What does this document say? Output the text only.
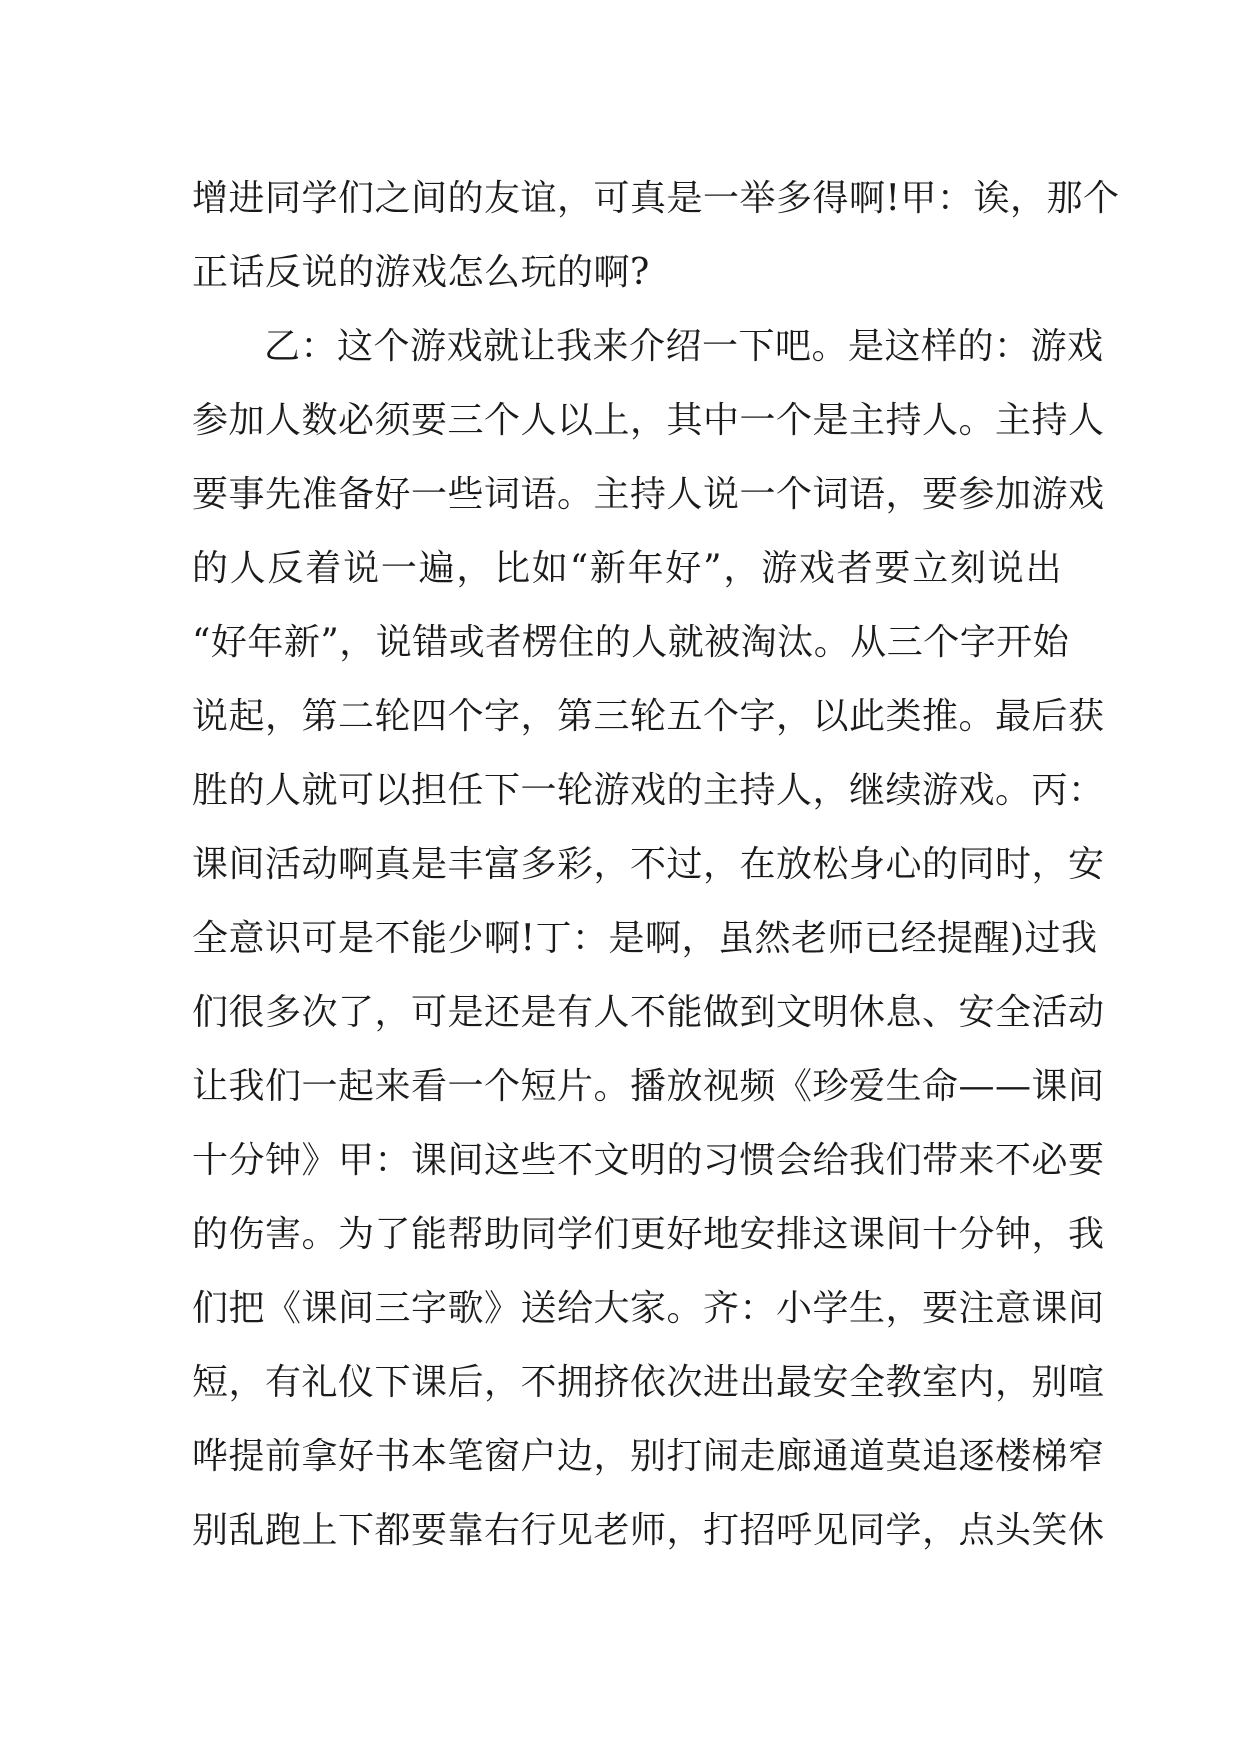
增进同学们之间的友谊，可真是一举多得啊!甲：诶，那个
正话反说的游戏怎么玩的啊?
乙：这个游戏就让我来介绍一下吧。是这样的：游戏
参加人数必须要三个人以上，其中一个是主持人。主持人
要事先准备好一些词语。主持人说一个词语，要参加游戏
的人反着说一遍，比如“新年好”，游戏者要立刻说出
“好年新”，说错或者楞住的人就被淘汰。从三个字开始
说起，第二轮四个字，第三轮五个字，以此类推。最后获
胜的人就可以担任下一轮游戏的主持人，继续游戏。丙：
课间活动啊真是丰富多彩，不过，在放松身心的同时，安
全意识可是不能少啊!丁：是啊，虽然老师已经提醒)过我
们很多次了，可是还是有人不能做到文明休息、安全活动
让我们一起来看一个短片。播放视频《珍爱生命——课间
十分钟》甲：课间这些不文明的习惯会给我们带来不必要
的伤害。为了能帮助同学们更好地安排这课间十分钟，我
们把《课间三字歌》送给大家。齐：小学生，要注意课间
短，有礼仪下课后，不拥挤依次进出最安全教室内，别喧
哗提前拿好书本笔窗户边，别打闹走廊通道莫追逐楼梯窄
别乱跑上下都要靠右行见老师，打招呼见同学，点头笑休
